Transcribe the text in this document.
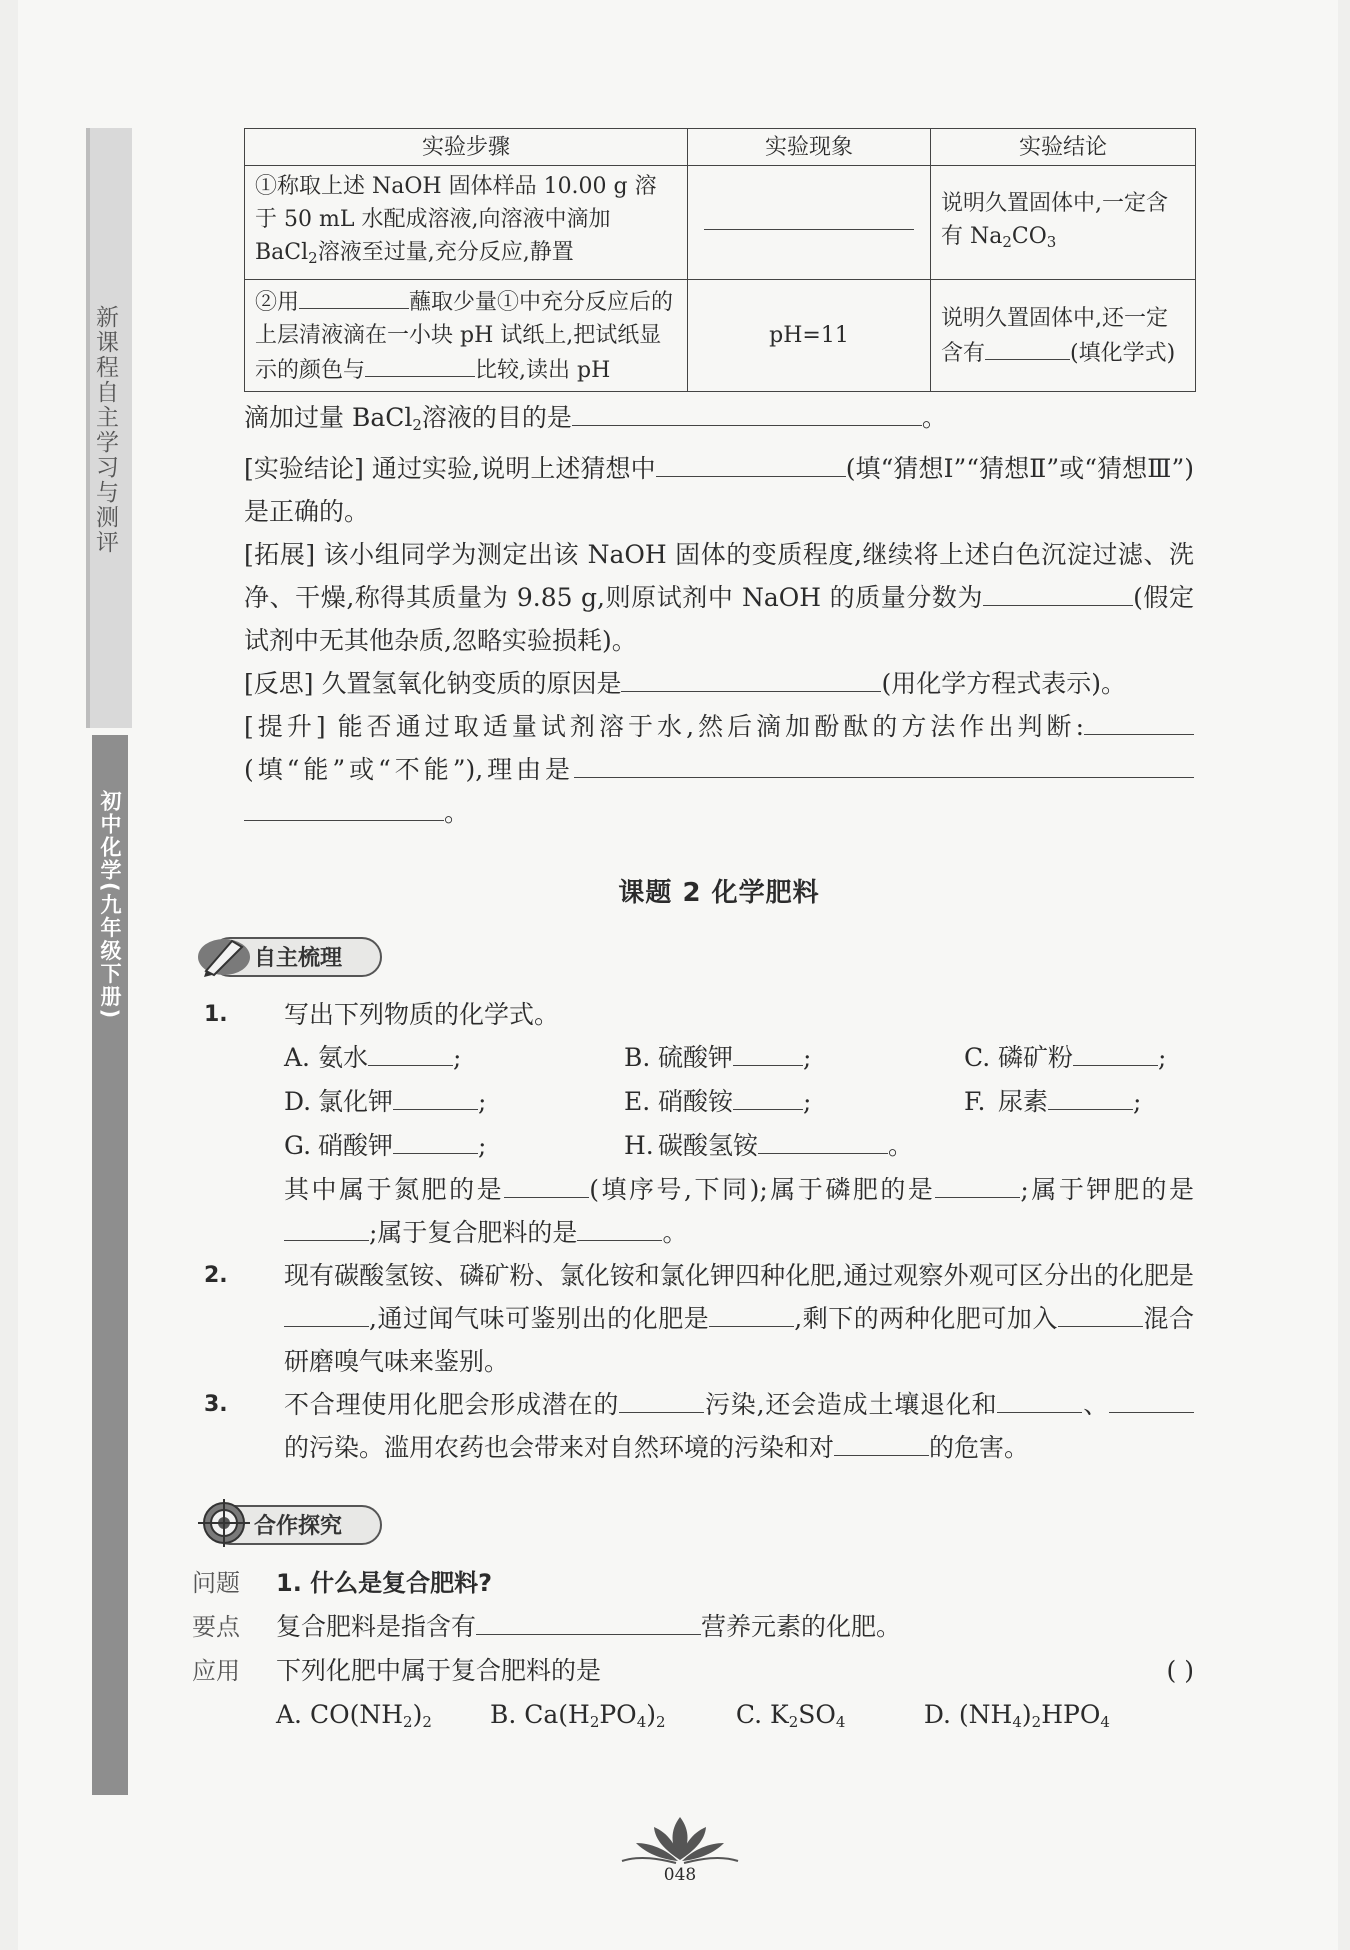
新课程自主学习与测评
初中化学(九年级下册)
实验步骤	实验现象	实验结论
①称取上述 NaOH 固体样品 10.00 g 溶于 50 mL 水配成溶液,向溶液中滴加 BaCl$_2$溶液至过量,充分反应,静置		说明久置固体中,一定含有 $Na_2CO_3$
②用 蘸取少量①中充分反应后的上层清液滴在一小块 pH 试纸上,把试纸显示的颜色与 比较,读出 pH	pH=11	说明久置固体中,还一定含有 (填化学式)
滴加过量 BaCl$_2$溶液的目的是	。
[实验结论] 通过实验,说明上述猜想中	(填“猜想Ⅰ”“猜想Ⅱ”或“猜想Ⅲ”)是正确的。
[拓展] 该小组同学为测定出该 NaOH 固体的变质程度,继续将上述白色沉淀过滤、洗净、干燥,称得其质量为 9.85 g,则原试剂中 NaOH 的质量分数为	(假定试剂中无其他杂质,忽略实验损耗)。
[反思] 久置氢氧化钠变质的原因是	(用化学方程式表示)。
[提升] 能否通过取适量试剂溶于水,然后滴加酚酞的方法作出判断:(填“能”或“不能”),理由是。
课题 2 化学肥料
自主梳理
1. 写出下列物质的化学式。
A. 氨水	;	B. 硫酸钾	;	C. 磷矿粉	;
D. 氯化钾	;	E. 硝酸铵	;	F. 尿素	;
G. 硝酸钾	;	H. 碳酸氢铵	。
其中属于氮肥的是	(填序号,下同);属于磷肥的是	;属于钾肥的是;属于复合肥料的是	。
2. 现有碳酸氢铵、磷矿粉、氯化铵和氯化钾四种化肥,通过观察外观可区分出的化肥是,通过闻气味可鉴别出的化肥是	,剩下的两种化肥可加入	混合研磨嗅气味来鉴别。
3. 不合理使用化肥会形成潜在的	污染,还会造成土壤退化和	、的污染。滥用农药也会带来对自然环境的污染和对	的危害。
合作探究
问题 1. 什么是复合肥料?
要点 复合肥料是指含有	营养元素的化肥。
应用 下列化肥中属于复合肥料的是	( )
A. $CO(NH_2)_2$ B. $Ca(H_2PO_4)_2$	C. $K_2SO_4$	D. $(NH_4)_2HPO_4$
048
